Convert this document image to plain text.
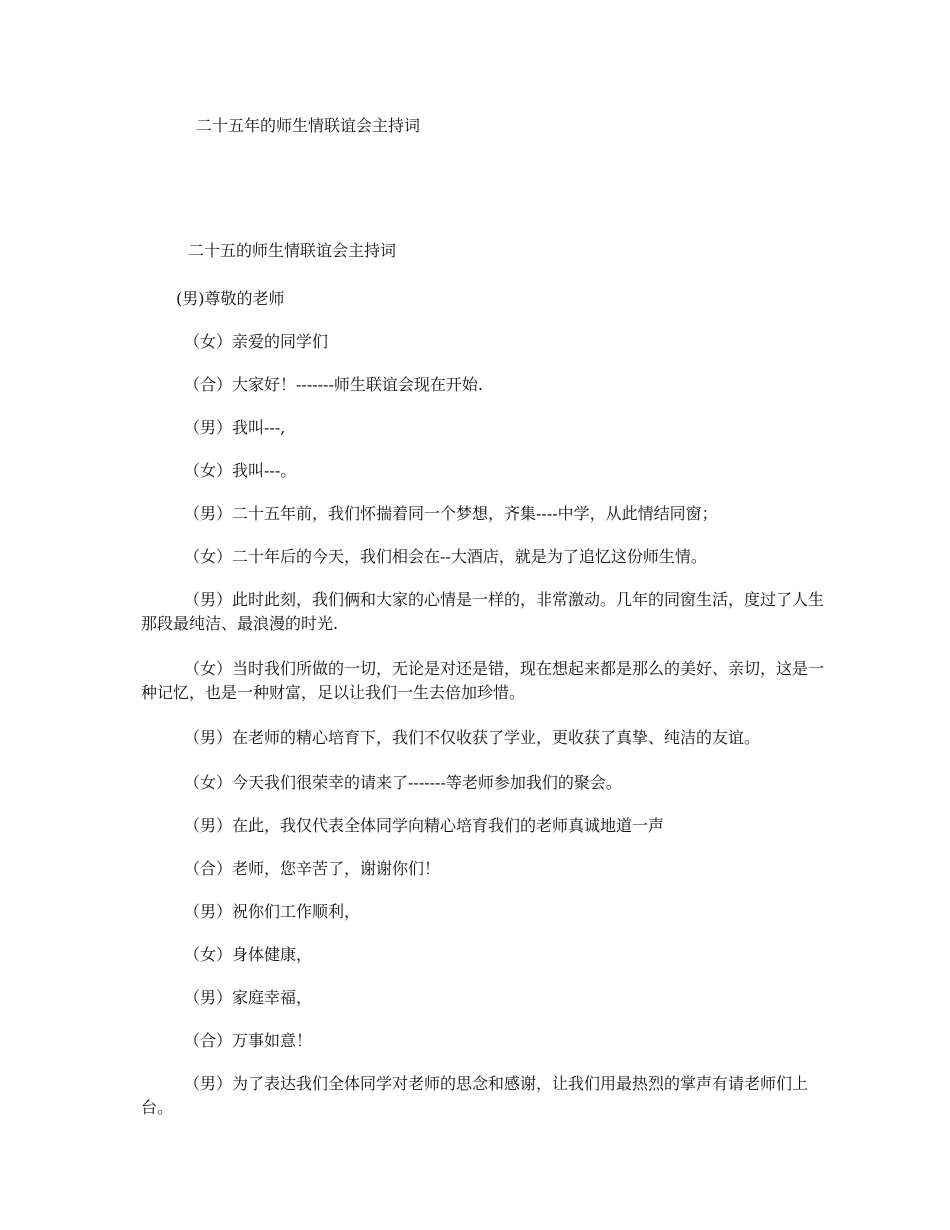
二十五年的师生情联谊会主持词

二十五的师生情联谊会主持词

(男)尊敬的老师

（女）亲爱的同学们

（合）大家好！-------师生联谊会现在开始.

（男）我叫---,

（女）我叫---。

（男）二十五年前，我们怀揣着同一个梦想，齐集----中学，从此情结同窗；

（女）二十年后的今天，我们相会在--大酒店，就是为了追忆这份师生情。

（男）此时此刻，我们俩和大家的心情是一样的，非常激动。几年的同窗生活，度过了人生那段最纯洁、最浪漫的时光.

（女）当时我们所做的一切，无论是对还是错，现在想起来都是那么的美好、亲切，这是一种记忆，也是一种财富，足以让我们一生去倍加珍惜。

（男）在老师的精心培育下，我们不仅收获了学业，更收获了真挚、纯洁的友谊。

（女）今天我们很荣幸的请来了-------等老师参加我们的聚会。

（男）在此，我仅代表全体同学向精心培育我们的老师真诚地道一声

（合）老师，您辛苦了，谢谢你们！

（男）祝你们工作顺利，

（女）身体健康，

（男）家庭幸福，

（合）万事如意！

（男）为了表达我们全体同学对老师的思念和感谢，让我们用最热烈的掌声有请老师们上台。
